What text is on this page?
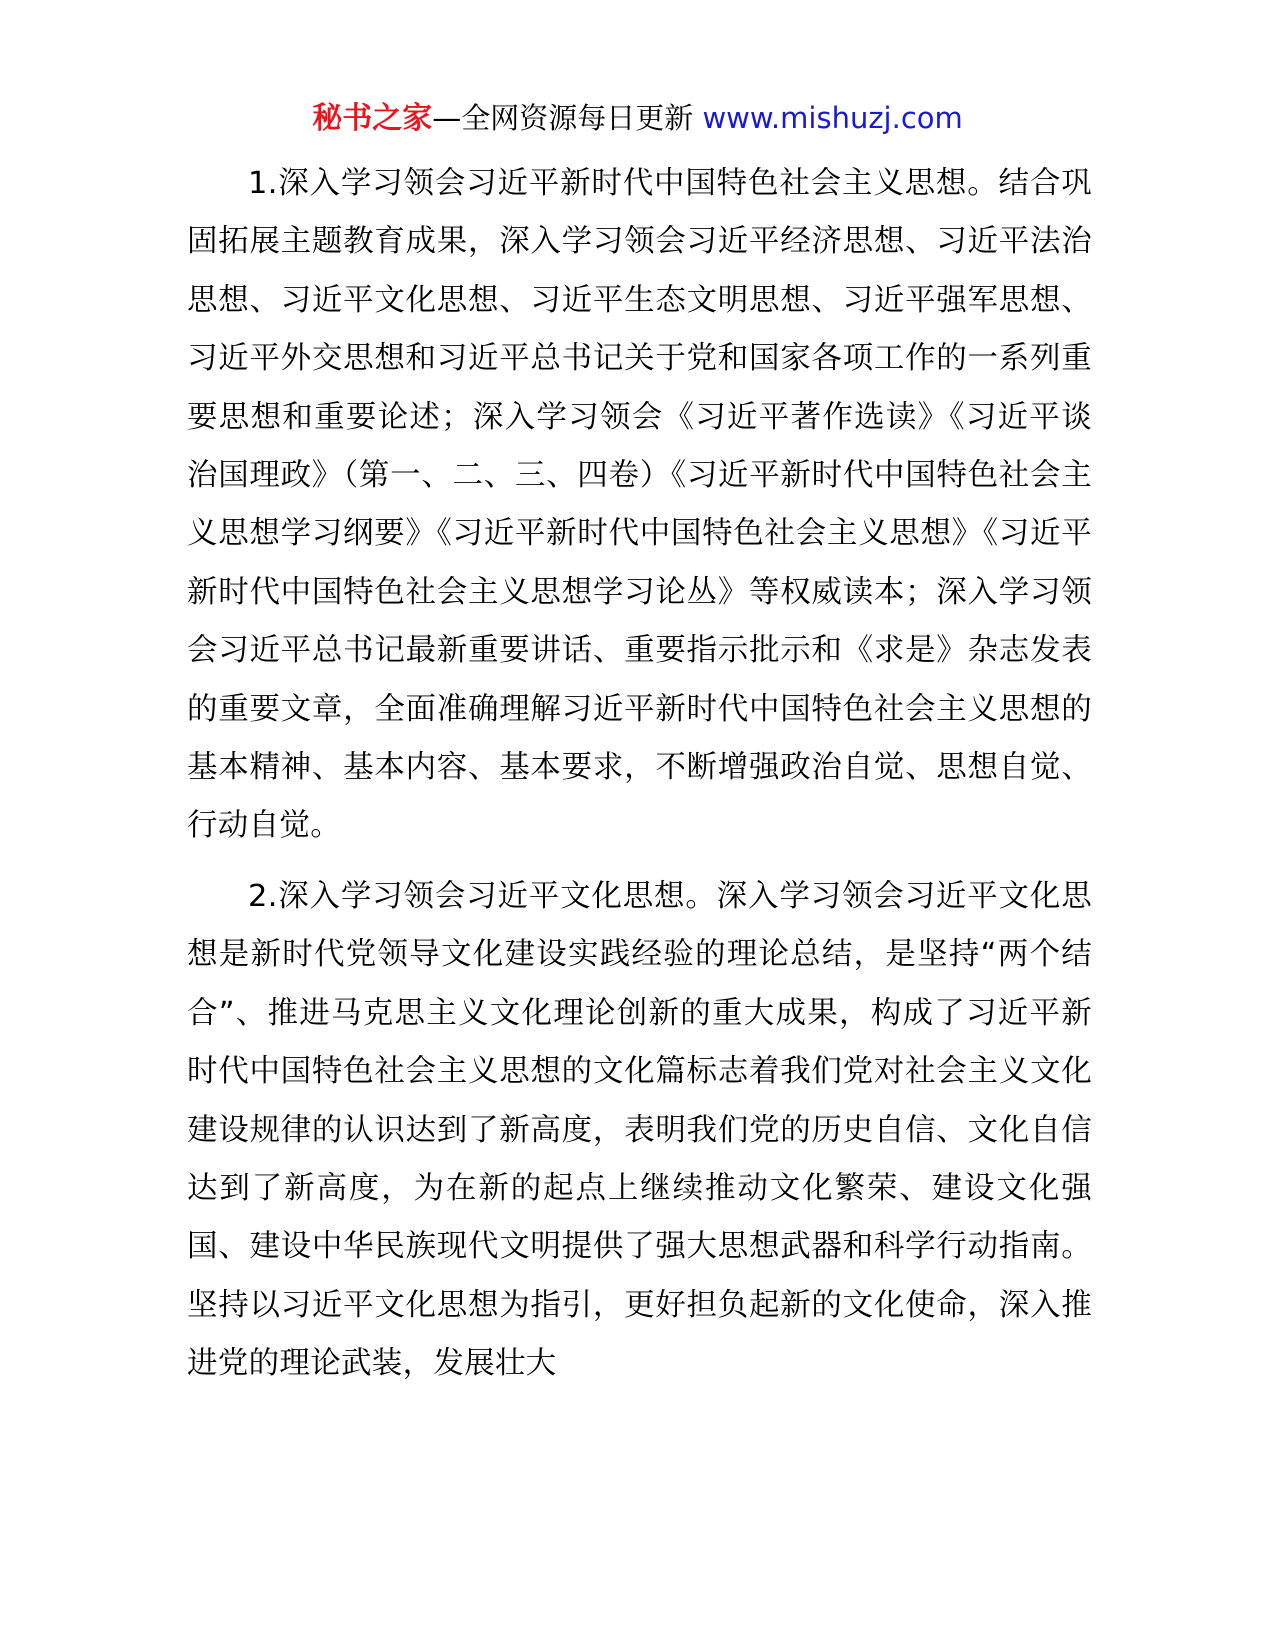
秘书之家—全网资源每日更新 www.mishuzj.com

1.深入学习领会习近平新时代中国特色社会主义思想。结合巩固拓展主题教育成果，深入学习领会习近平经济思想、习近平法治思想、习近平文化思想、习近平生态文明思想、习近平强军思想、习近平外交思想和习近平总书记关于党和国家各项工作的一系列重要思想和重要论述；深入学习领会《习近平著作选读》《习近平谈治国理政》（第一、二、三、四卷）《习近平新时代中国特色社会主义思想学习纲要》《习近平新时代中国特色社会主义思想》《习近平新时代中国特色社会主义思想学习论丛》等权威读本；深入学习领会习近平总书记最新重要讲话、重要指示批示和《求是》杂志发表的重要文章，全面准确理解习近平新时代中国特色社会主义思想的基本精神、基本内容、基本要求，不断增强政治自觉、思想自觉、行动自觉。

2.深入学习领会习近平文化思想。深入学习领会习近平文化思想是新时代党领导文化建设实践经验的理论总结，是坚持“两个结合”、推进马克思主义文化理论创新的重大成果，构成了习近平新时代中国特色社会主义思想的文化篇标志着我们党对社会主义文化建设规律的认识达到了新高度，表明我们党的历史自信、文化自信达到了新高度，为在新的起点上继续推动文化繁荣、建设文化强国、建设中华民族现代文明提供了强大思想武器和科学行动指南。坚持以习近平文化思想为指引，更好担负起新的文化使命，深入推进党的理论武装，发展壮大
